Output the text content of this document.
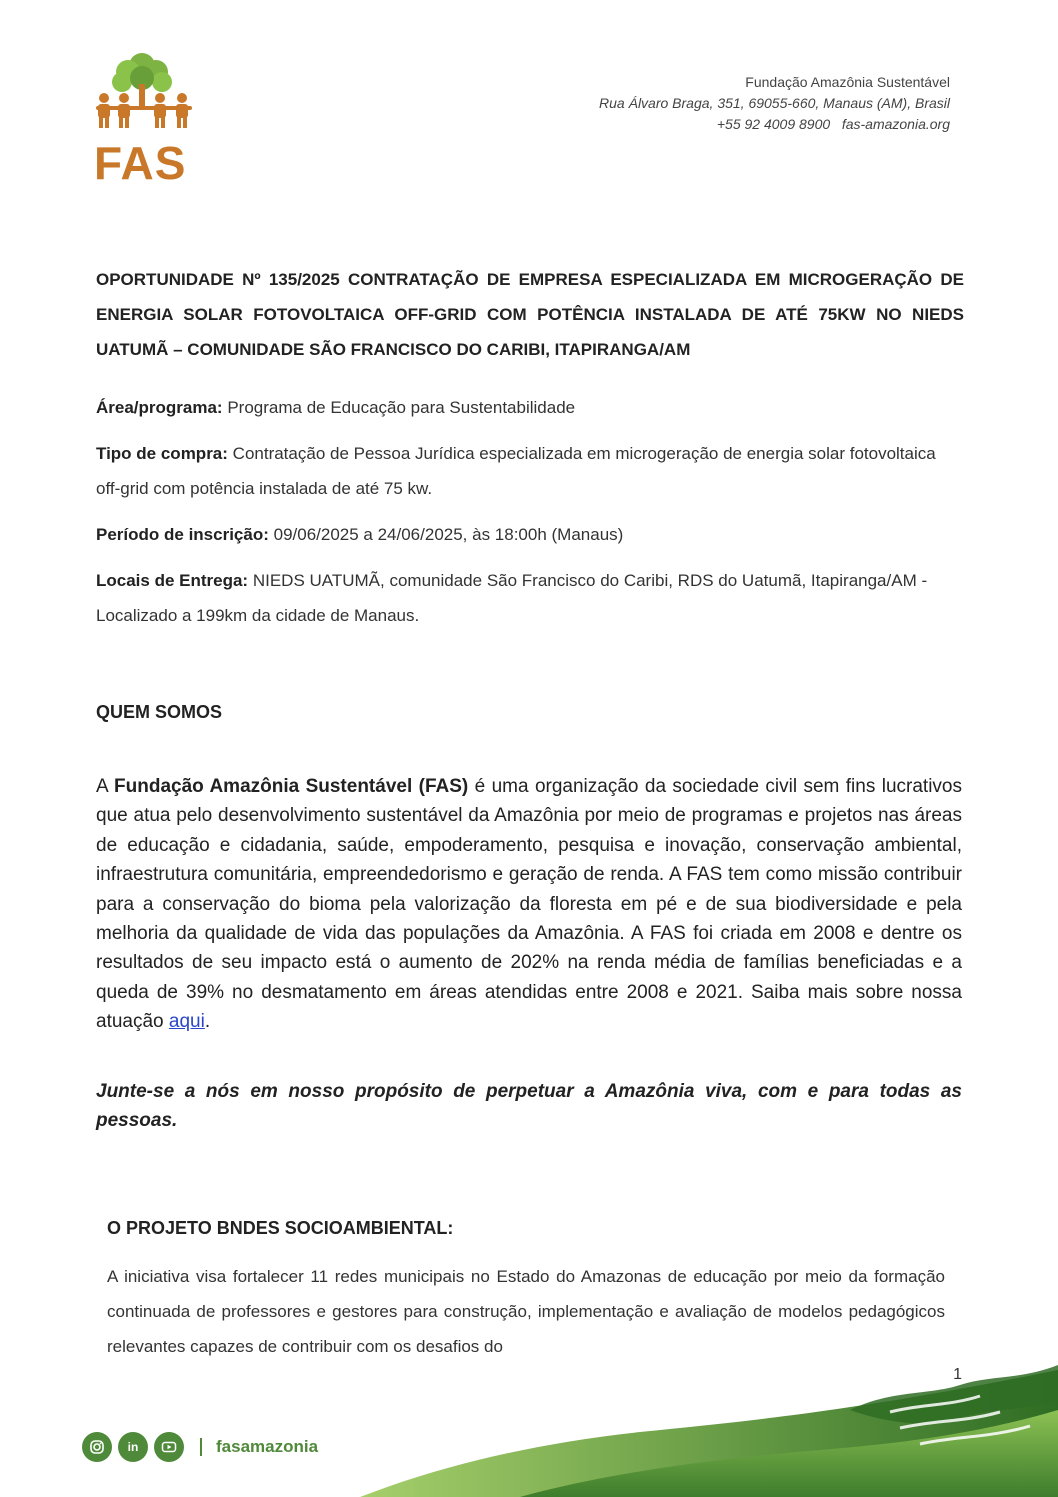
FAS
Fundação Amazônia Sustentável
Rua Álvaro Braga, 351, 69055-660, Manaus (AM), Brasil
+55 92 4009 8900   fas-amazonia.org
OPORTUNIDADE Nº 135/2025 CONTRATAÇÃO DE EMPRESA ESPECIALIZADA EM MICROGERAÇÃO DE ENERGIA SOLAR FOTOVOLTAICA OFF-GRID COM POTÊNCIA INSTALADA DE ATÉ 75KW NO NIEDS UATUMÃ – COMUNIDADE SÃO FRANCISCO DO CARIBI, ITAPIRANGA/AM
Área/programa: Programa de Educação para Sustentabilidade
Tipo de compra: Contratação de Pessoa Jurídica especializada em microgeração de energia solar fotovoltaica off-grid com potência instalada de até 75 kw.
Período de inscrição: 09/06/2025 a 24/06/2025, às 18:00h (Manaus)
Locais de Entrega: NIEDS UATUMÃ, comunidade São Francisco do Caribi, RDS do Uatumã, Itapiranga/AM - Localizado a 199km da cidade de Manaus.
QUEM SOMOS
A Fundação Amazônia Sustentável (FAS) é uma organização da sociedade civil sem fins lucrativos que atua pelo desenvolvimento sustentável da Amazônia por meio de programas e projetos nas áreas de educação e cidadania, saúde, empoderamento, pesquisa e inovação, conservação ambiental, infraestrutura comunitária, empreendedorismo e geração de renda. A FAS tem como missão contribuir para a conservação do bioma pela valorização da floresta em pé e de sua biodiversidade e pela melhoria da qualidade de vida das populações da Amazônia. A FAS foi criada em 2008 e dentre os resultados de seu impacto está o aumento de 202% na renda média de famílias beneficiadas e a queda de 39% no desmatamento em áreas atendidas entre 2008 e 2021. Saiba mais sobre nossa atuação aqui.
Junte-se a nós em nosso propósito de perpetuar a Amazônia viva, com e para todas as pessoas.
O PROJETO BNDES SOCIOAMBIENTAL:
A iniciativa visa fortalecer 11 redes municipais no Estado do Amazonas de educação por meio da formação continuada de professores e gestores para construção, implementação e avaliação de modelos pedagógicos relevantes capazes de contribuir com os desafios do
1
in	fasamazonia
